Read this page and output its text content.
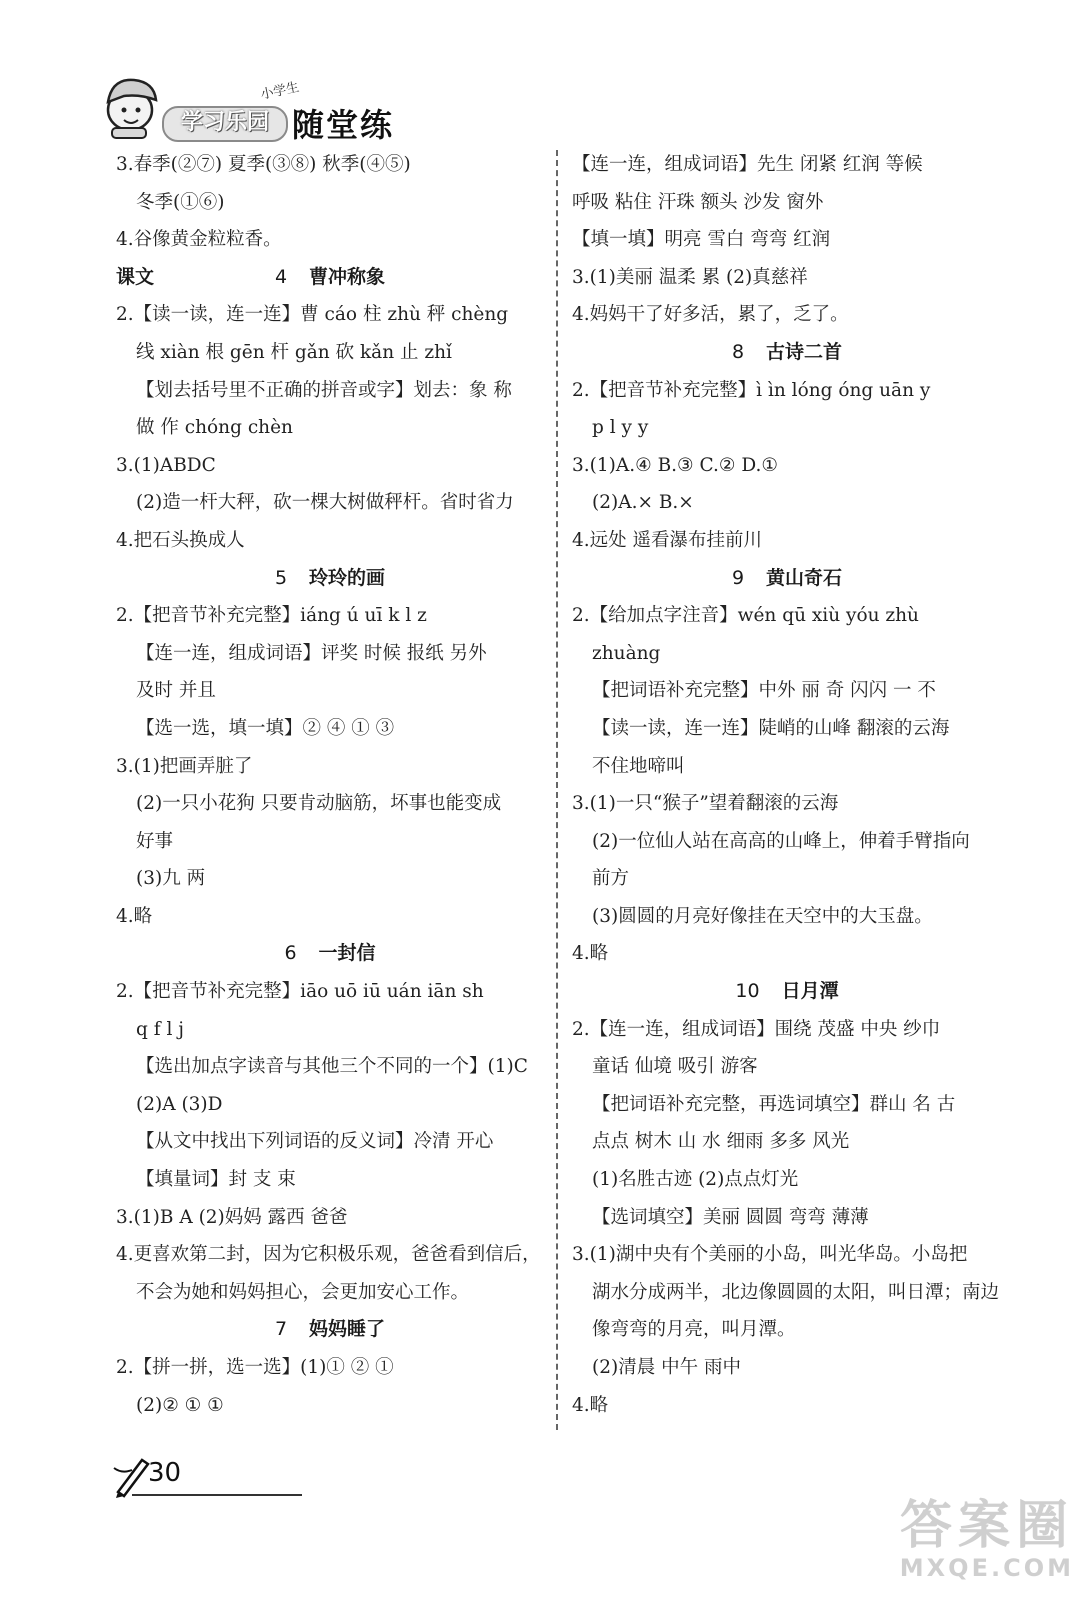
学习乐园
小学生
随堂练
3.春季(②⑦) 夏季(③⑧) 秋季(④⑤)
冬季(①⑥)
4.谷像黄金粒粒香。
课文	4 曹冲称象
2.【读一读，连一连】曹 cáo 柱 zhù 秤 chèng
线 xiàn 根 gēn 杆 gǎn 砍 kǎn 止 zhǐ
【划去括号里不正确的拼音或字】划去：象 称
做 作 chóng chèn
3.(1)ABDC
(2)造一杆大秤，砍一棵大树做秤杆。省时省力
4.把石头换成人
5 玲玲的画
2.【把音节补充完整】iáng ú uī k l z
【连一连，组成词语】评奖 时候 报纸 另外
及时 并且
【选一选，填一填】② ④ ① ③
3.(1)把画弄脏了
(2)一只小花狗 只要肯动脑筋，坏事也能变成
好事
(3)九 两
4.略
6 一封信
2.【把音节补充完整】iāo uō iū uán iān sh
q f l j
【选出加点字读音与其他三个不同的一个】(1)C
(2)A (3)D
【从文中找出下列词语的反义词】冷清 开心
【填量词】封 支 束
3.(1)B A (2)妈妈 露西 爸爸
4.更喜欢第二封，因为它积极乐观，爸爸看到信后，
不会为她和妈妈担心，会更加安心工作。
7 妈妈睡了
2.【拼一拼，选一选】(1)① ② ①
(2)② ① ①
【连一连，组成词语】先生 闭紧 红润 等候
呼吸 粘住 汗珠 额头 沙发 窗外
【填一填】明亮 雪白 弯弯 红润
3.(1)美丽 温柔 累 (2)真慈祥
4.妈妈干了好多活，累了，乏了。
8 古诗二首
2.【把音节补充完整】ì ìn lóng óng uān y
p l y y
3.(1)A.④ B.③ C.② D.①
(2)A.× B.×
4.远处 遥看瀑布挂前川
9 黄山奇石
2.【给加点字注音】wén qū xiù yóu zhù
zhuàng
【把词语补充完整】中外 丽 奇 闪闪 一 不
【读一读，连一连】陡峭的山峰 翻滚的云海
不住地啼叫
3.(1)一只“猴子”望着翻滚的云海
(2)一位仙人站在高高的山峰上，伸着手臂指向
前方
(3)圆圆的月亮好像挂在天空中的大玉盘。
4.略
10 日月潭
2.【连一连，组成词语】围绕 茂盛 中央 纱巾
童话 仙境 吸引 游客
【把词语补充完整，再选词填空】群山 名 古
点点 树木 山 水 细雨 多多 风光
(1)名胜古迹 (2)点点灯光
【选词填空】美丽 圆圆 弯弯 薄薄
3.(1)湖中央有个美丽的小岛，叫光华岛。小岛把
湖水分成两半，北边像圆圆的太阳，叫日潭；南边
像弯弯的月亮，叫月潭。
(2)清晨 中午 雨中
4.略
30
答案圈
MXQE.COM
